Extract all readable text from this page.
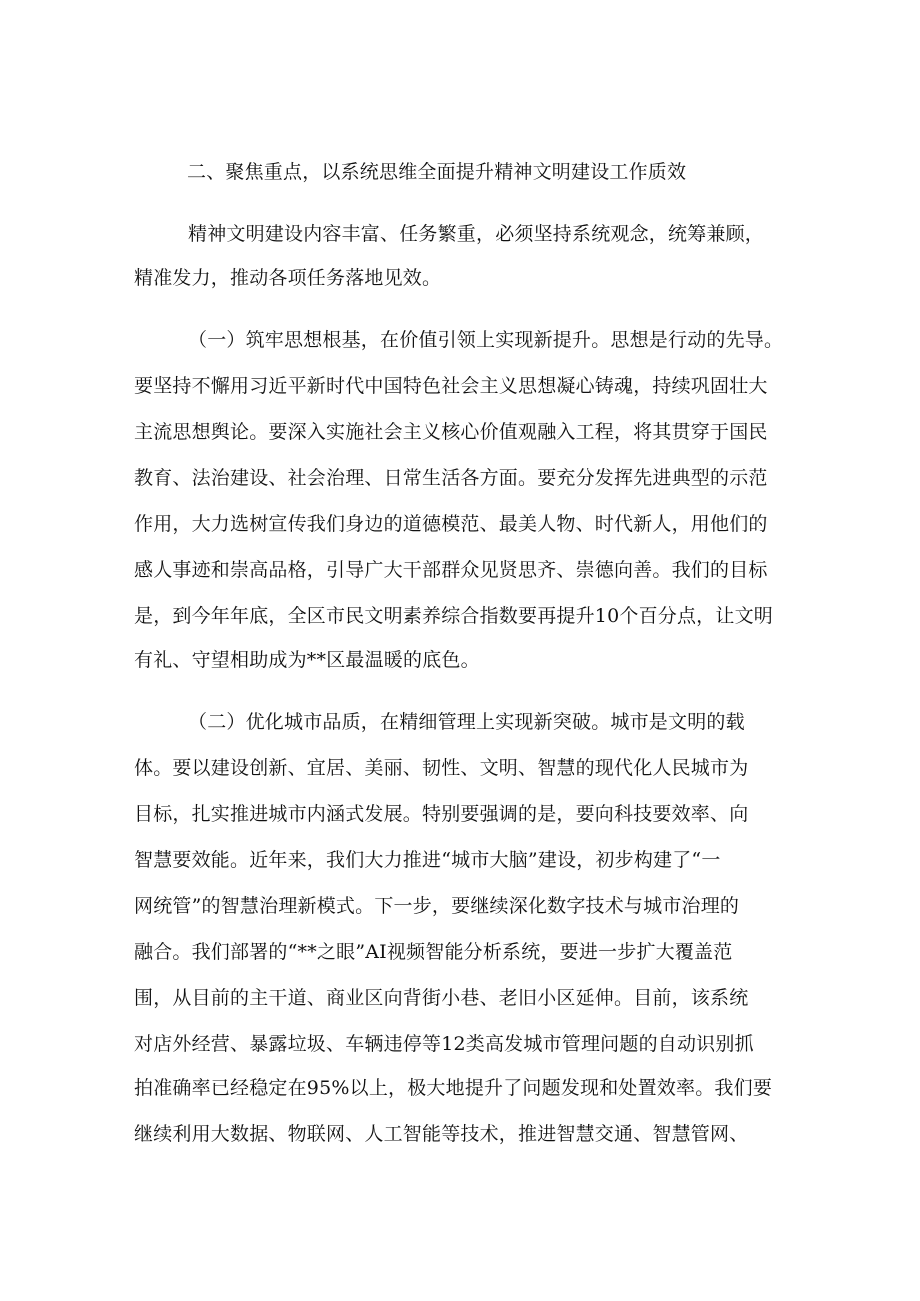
二、聚焦重点，以系统思维全面提升精神文明建设工作质效
精神文明建设内容丰富、任务繁重，必须坚持系统观念，统筹兼顾，
精准发力，推动各项任务落地见效。
（一）筑牢思想根基，在价值引领上实现新提升。思想是行动的先导。
要坚持不懈用习近平新时代中国特色社会主义思想凝心铸魂，持续巩固壮大
主流思想舆论。要深入实施社会主义核心价值观融入工程，将其贯穿于国民
教育、法治建设、社会治理、日常生活各方面。要充分发挥先进典型的示范
作用，大力选树宣传我们身边的道德模范、最美人物、时代新人，用他们的
感人事迹和崇高品格，引导广大干部群众见贤思齐、崇德向善。我们的目标
是，到今年年底，全区市民文明素养综合指数要再提升10个百分点，让文明
有礼、守望相助成为**区最温暖的底色。
（二）优化城市品质，在精细管理上实现新突破。城市是文明的载
体。要以建设创新、宜居、美丽、韧性、文明、智慧的现代化人民城市为
目标，扎实推进城市内涵式发展。特别要强调的是，要向科技要效率、向
智慧要效能。近年来，我们大力推进“城市大脑”建设，初步构建了“一
网统管”的智慧治理新模式。下一步，要继续深化数字技术与城市治理的
融合。我们部署的“**之眼”AI视频智能分析系统，要进一步扩大覆盖范
围，从目前的主干道、商业区向背街小巷、老旧小区延伸。目前，该系统
对店外经营、暴露垃圾、车辆违停等12类高发城市管理问题的自动识别抓
拍准确率已经稳定在95%以上，极大地提升了问题发现和处置效率。我们要
继续利用大数据、物联网、人工智能等技术，推进智慧交通、智慧管网、
